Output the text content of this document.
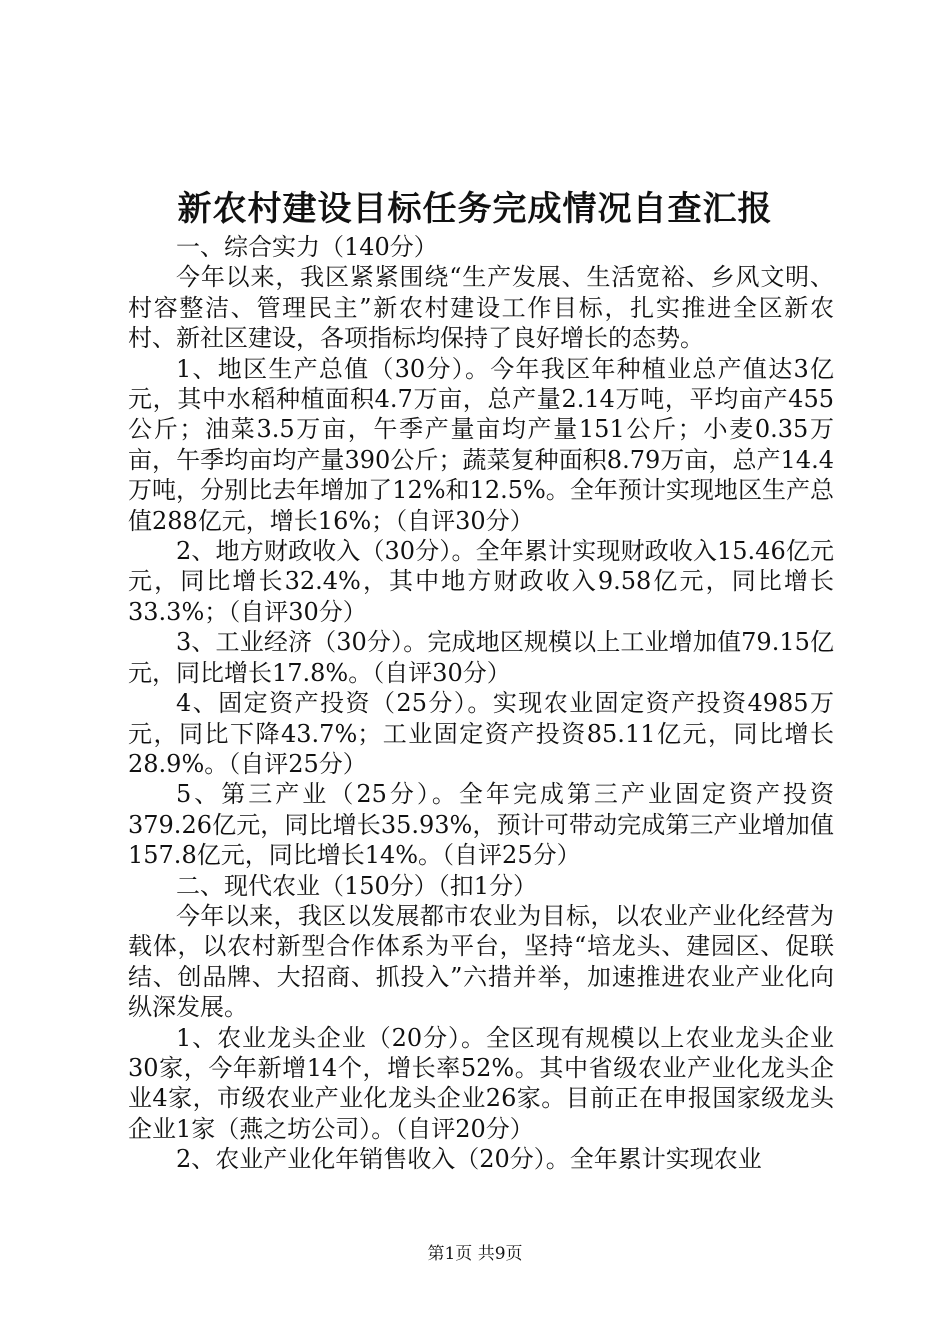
新农村建设目标任务完成情况自查汇报

一、综合实力（140分）

今年以来，我区紧紧围绕“生产发展、生活宽裕、乡风文明、村容整洁、管理民主”新农村建设工作目标，扎实推进全区新农村、新社区建设，各项指标均保持了良好增长的态势。

1、地区生产总值（30分）。今年我区年种植业总产值达3亿元，其中水稻种植面积4.7万亩，总产量2.14万吨，平均亩产455公斤；油菜3.5万亩，午季产量亩均产量151公斤；小麦0.35万亩，午季均亩均产量390公斤；蔬菜复种面积8.79万亩，总产14.4万吨，分别比去年增加了12%和12.5%。全年预计实现地区生产总值288亿元，增长16%；（自评30分）

2、地方财政收入（30分）。全年累计实现财政收入15.46亿元元，同比增长32.4%，其中地方财政收入9.58亿元，同比增长33.3%；（自评30分）

3、工业经济（30分）。完成地区规模以上工业增加值79.15亿元，同比增长17.8%。（自评30分）

4、固定资产投资（25分）。实现农业固定资产投资4985万元，同比下降43.7%；工业固定资产投资85.11亿元，同比增长28.9%。（自评25分）

5、第三产业（25分）。全年完成第三产业固定资产投资379.26亿元，同比增长35.93%，预计可带动完成第三产业增加值157.8亿元，同比增长14%。（自评25分）

二、现代农业（150分）（扣1分）

今年以来，我区以发展都市农业为目标，以农业产业化经营为载体，以农村新型合作体系为平台，坚持“培龙头、建园区、促联结、创品牌、大招商、抓投入”六措并举，加速推进农业产业化向纵深发展。

1、农业龙头企业（20分）。全区现有规模以上农业龙头企业30家，今年新增14个，增长率52%。其中省级农业产业化龙头企业4家，市级农业产业化龙头企业26家。目前正在申报国家级龙头企业1家（燕之坊公司）。（自评20分）

2、农业产业化年销售收入（20分）。全年累计实现农业

第1页 共9页
